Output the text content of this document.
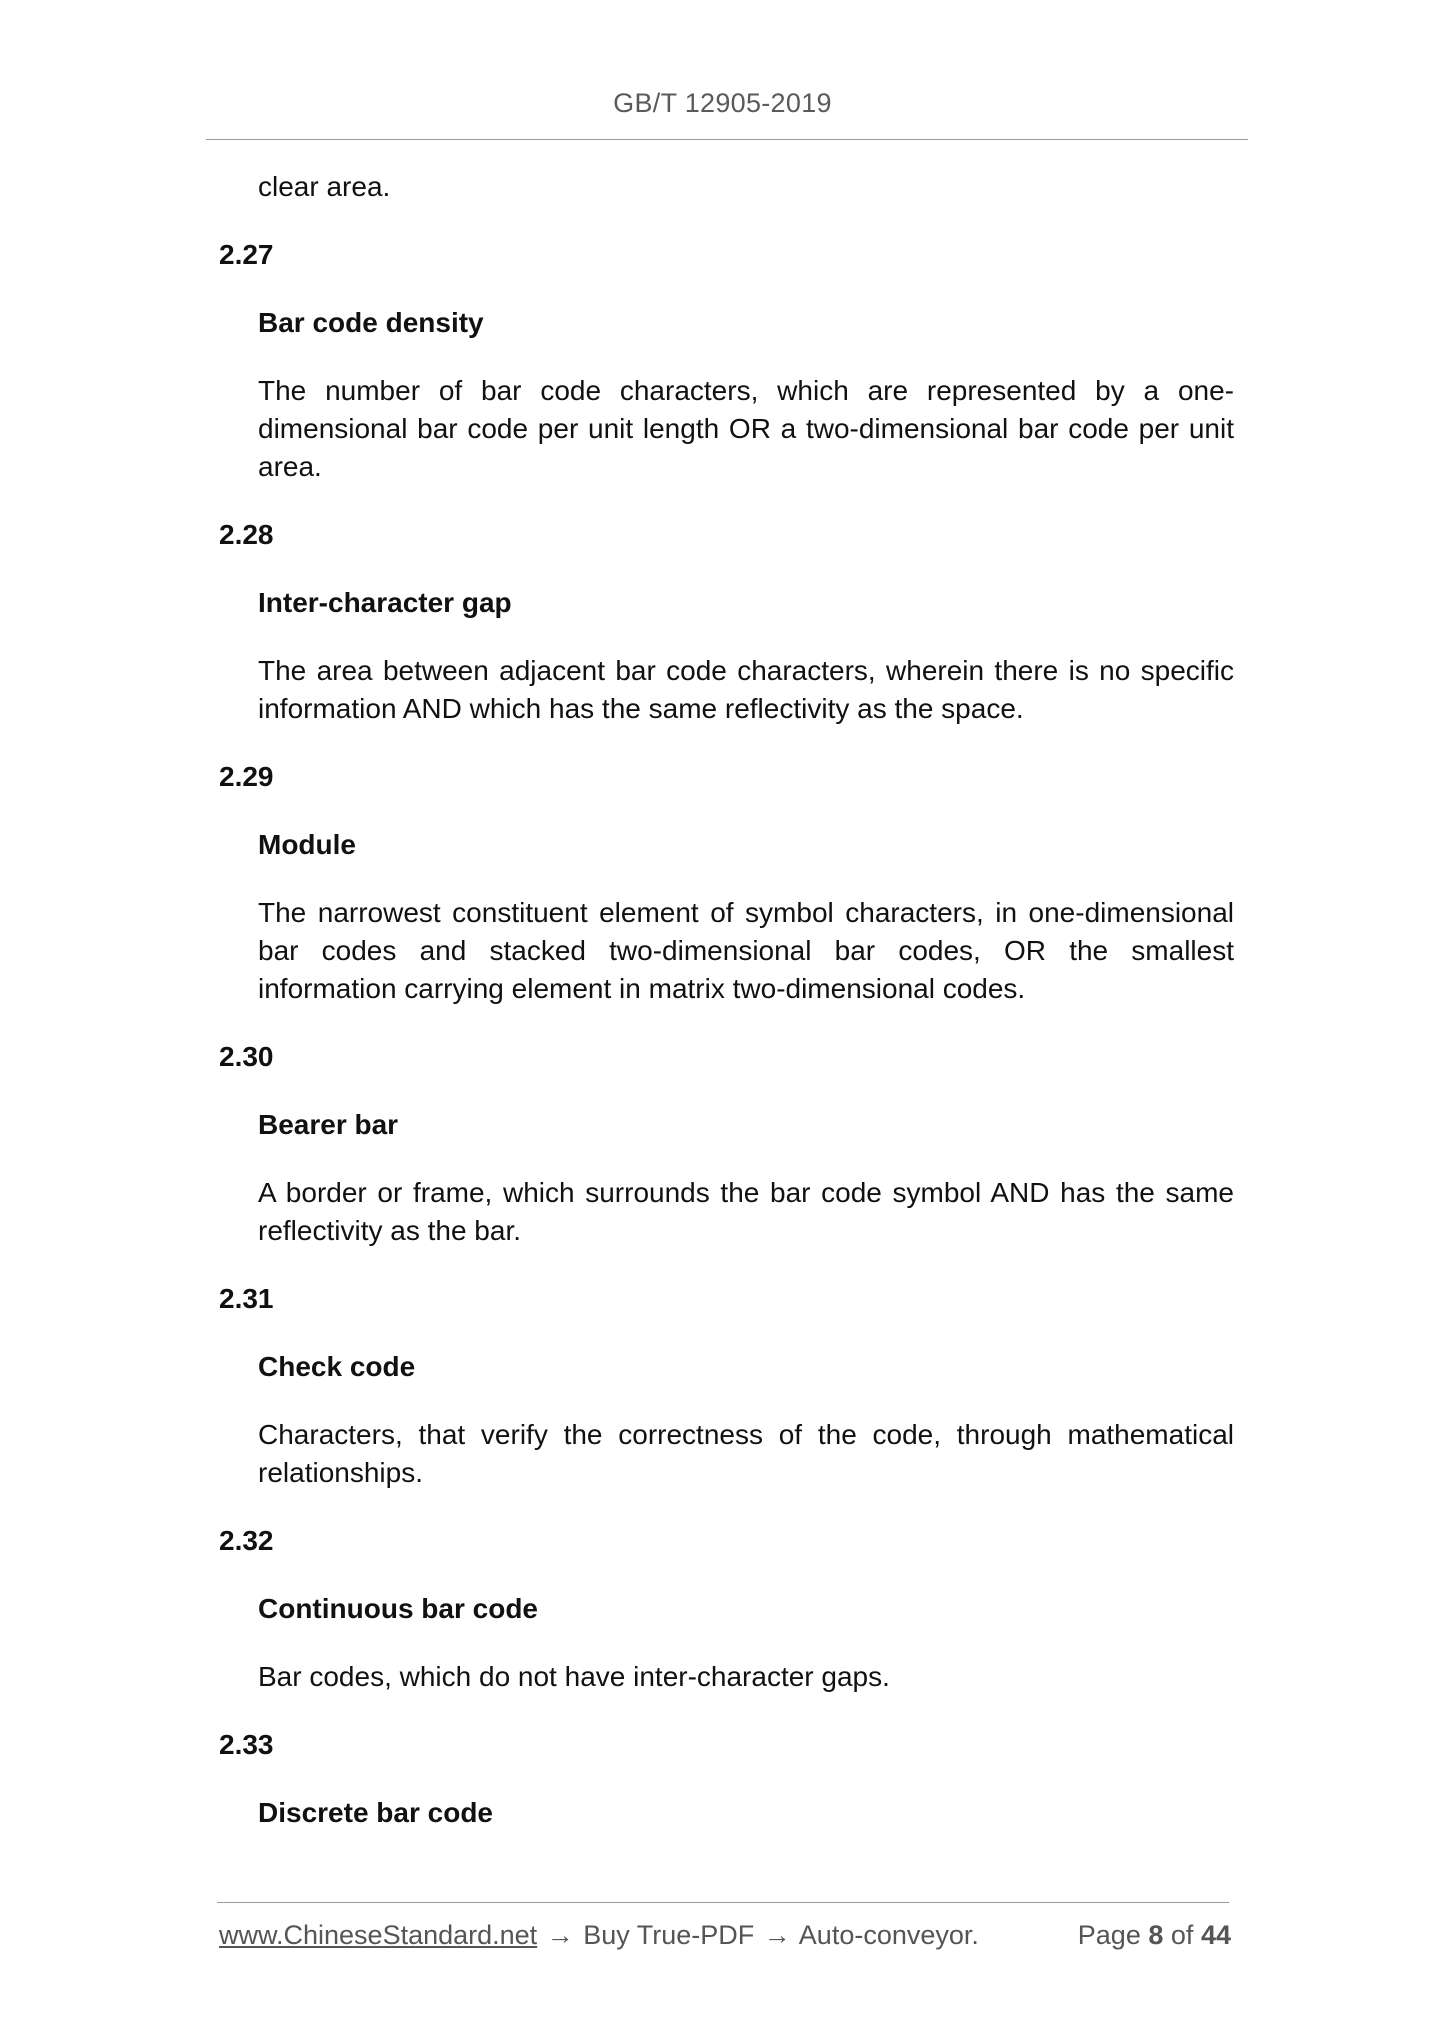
GB/T 12905-2019

clear area.

2.27

Bar code density

The number of bar code characters, which are represented by a one-dimensional bar code per unit length OR a two-dimensional bar code per unit area.

2.28

Inter-character gap

The area between adjacent bar code characters, wherein there is no specific information AND which has the same reflectivity as the space.

2.29

Module

The narrowest constituent element of symbol characters, in one-dimensional bar codes and stacked two-dimensional bar codes, OR the smallest information carrying element in matrix two-dimensional codes.

2.30

Bearer bar

A border or frame, which surrounds the bar code symbol AND has the same reflectivity as the bar.

2.31

Check code

Characters, that verify the correctness of the code, through mathematical relationships.

2.32

Continuous bar code

Bar codes, which do not have inter-character gaps.

2.33

Discrete bar code

www.ChineseStandard.net → Buy True-PDF → Auto-conveyor.	Page 8 of 44
